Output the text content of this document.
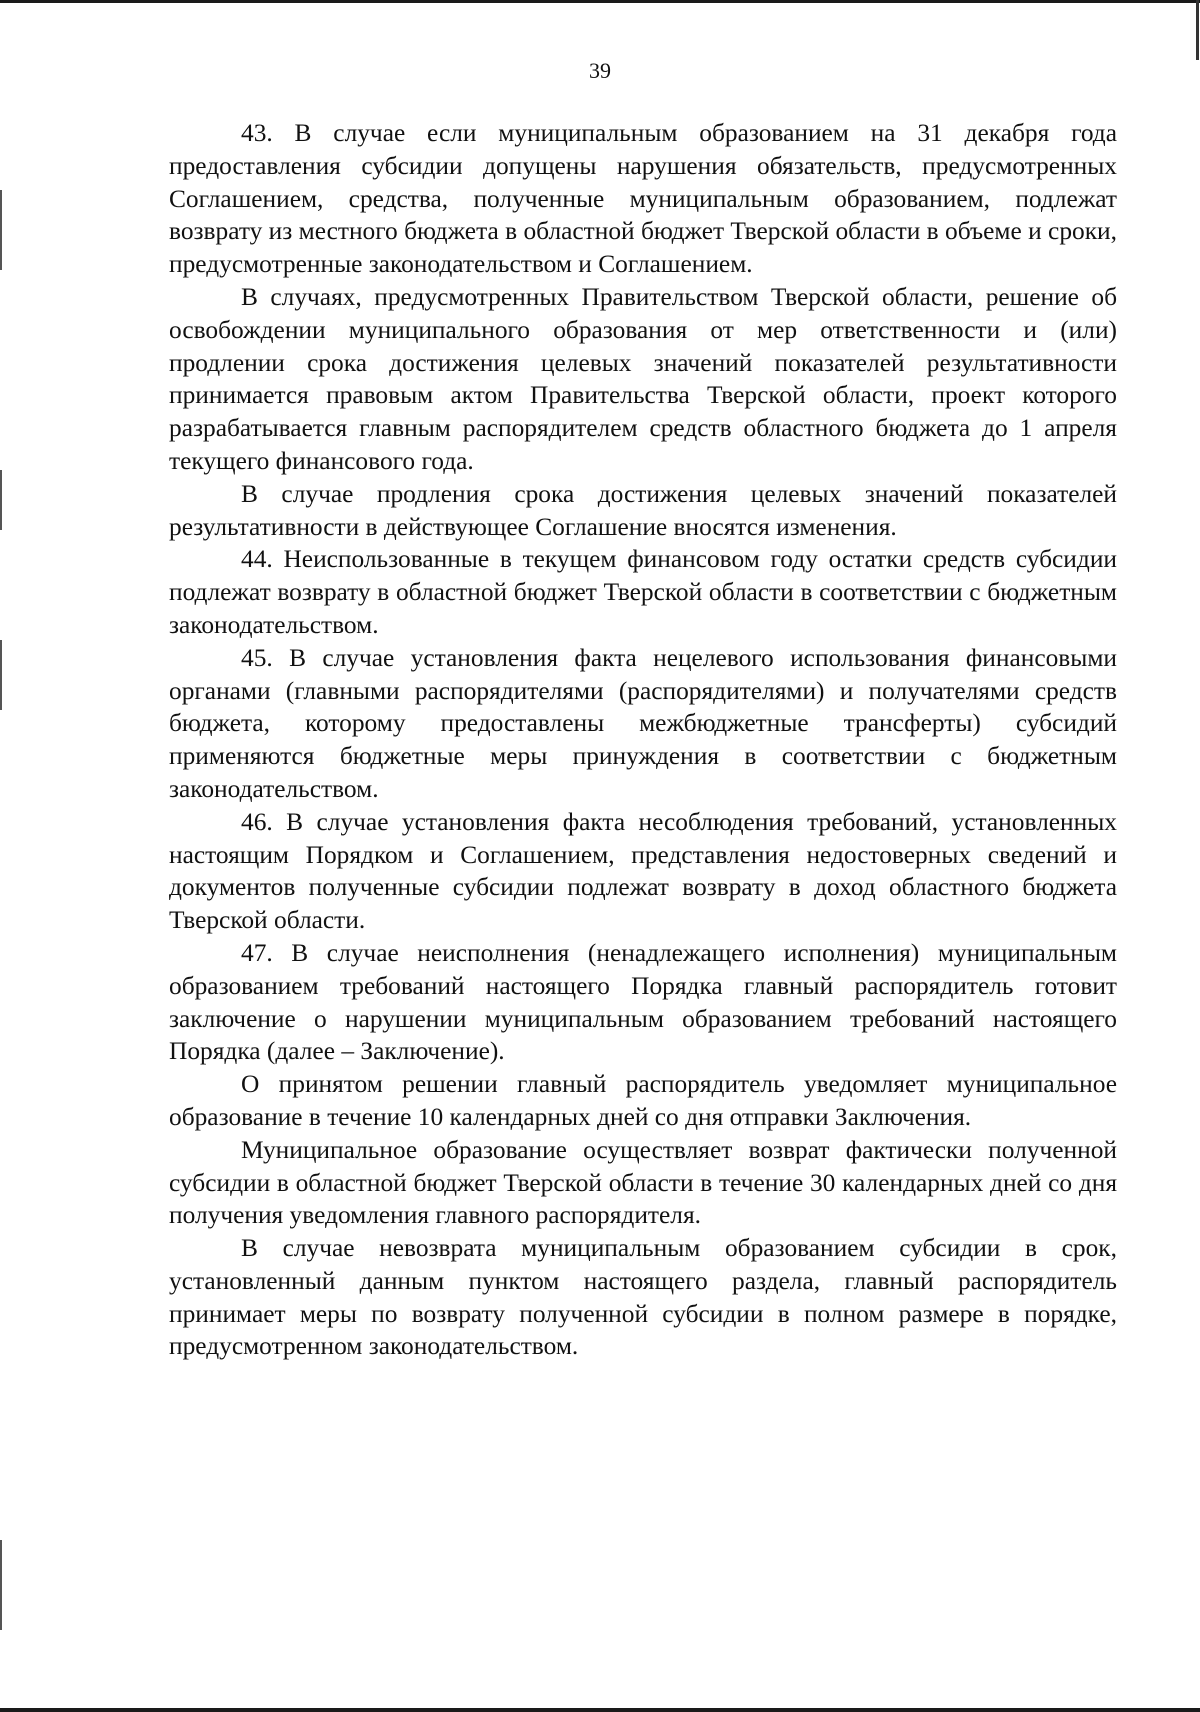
39

43. В случае если муниципальным образованием на 31 декабря года предоставления субсидии допущены нарушения обязательств, предусмотренных Соглашением, средства, полученные муниципальным образованием, подлежат возврату из местного бюджета в областной бюджет Тверской области в объеме и сроки, предусмотренные законодательством и Соглашением.

В случаях, предусмотренных Правительством Тверской области, решение об освобождении муниципального образования от мер ответственности и (или) продлении срока достижения целевых значений показателей результативности принимается правовым актом Правительства Тверской области, проект которого разрабатывается главным распорядителем средств областного бюджета до 1 апреля текущего финансового года.

В случае продления срока достижения целевых значений показателей результативности в действующее Соглашение вносятся изменения.

44. Неиспользованные в текущем финансовом году остатки средств субсидии подлежат возврату в областной бюджет Тверской области в соответствии с бюджетным законодательством.

45. В случае установления факта нецелевого использования финансовыми органами (главными распорядителями (распорядителями) и получателями средств бюджета, которому предоставлены межбюджетные трансферты) субсидий применяются бюджетные меры принуждения в соответствии с бюджетным законодательством.

46. В случае установления факта несоблюдения требований, установленных настоящим Порядком и Соглашением, представления недостоверных сведений и документов полученные субсидии подлежат возврату в доход областного бюджета Тверской области.

47. В случае неисполнения (ненадлежащего исполнения) муниципальным образованием требований настоящего Порядка главный распорядитель готовит заключение о нарушении муниципальным образованием требований настоящего Порядка (далее – Заключение).

О принятом решении главный распорядитель уведомляет муниципальное образование в течение 10 календарных дней со дня отправки Заключения.

Муниципальное образование осуществляет возврат фактически полученной субсидии в областной бюджет Тверской области в течение 30 календарных дней со дня получения уведомления главного распорядителя.

В случае невозврата муниципальным образованием субсидии в срок, установленный данным пунктом настоящего раздела, главный распорядитель принимает меры по возврату полученной субсидии в полном размере в порядке, предусмотренном законодательством.
